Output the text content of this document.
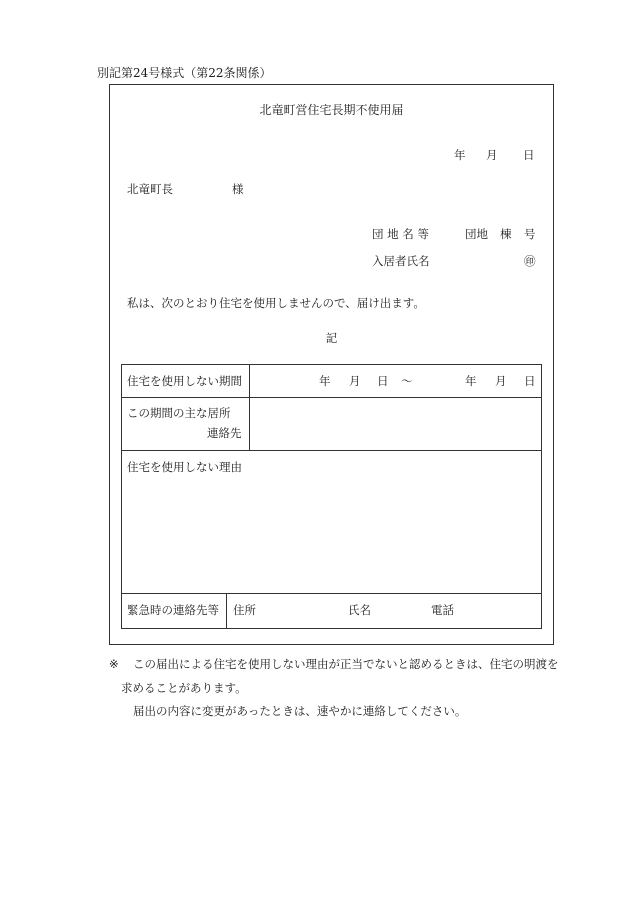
別記第24号様式（第22条関係）
北竜町営住宅長期不使用届
年 月 日
北竜町長	様
団 地 名 等	団地 棟 号
入居者氏名	㊞
私は、次のとおり住宅を使用しませんので、届け出ます。
記
住宅を使用しない期間	年 月 日 ～	年 月 日
この期間の主な居所
連絡先
住宅を使用しない理由
緊急時の連絡先等 住所	氏名	電話
※ この届出による住宅を使用しない理由が正当でないと認めるときは、住宅の明渡を
求めることがあります。
届出の内容に変更があったときは、速やかに連絡してください。
